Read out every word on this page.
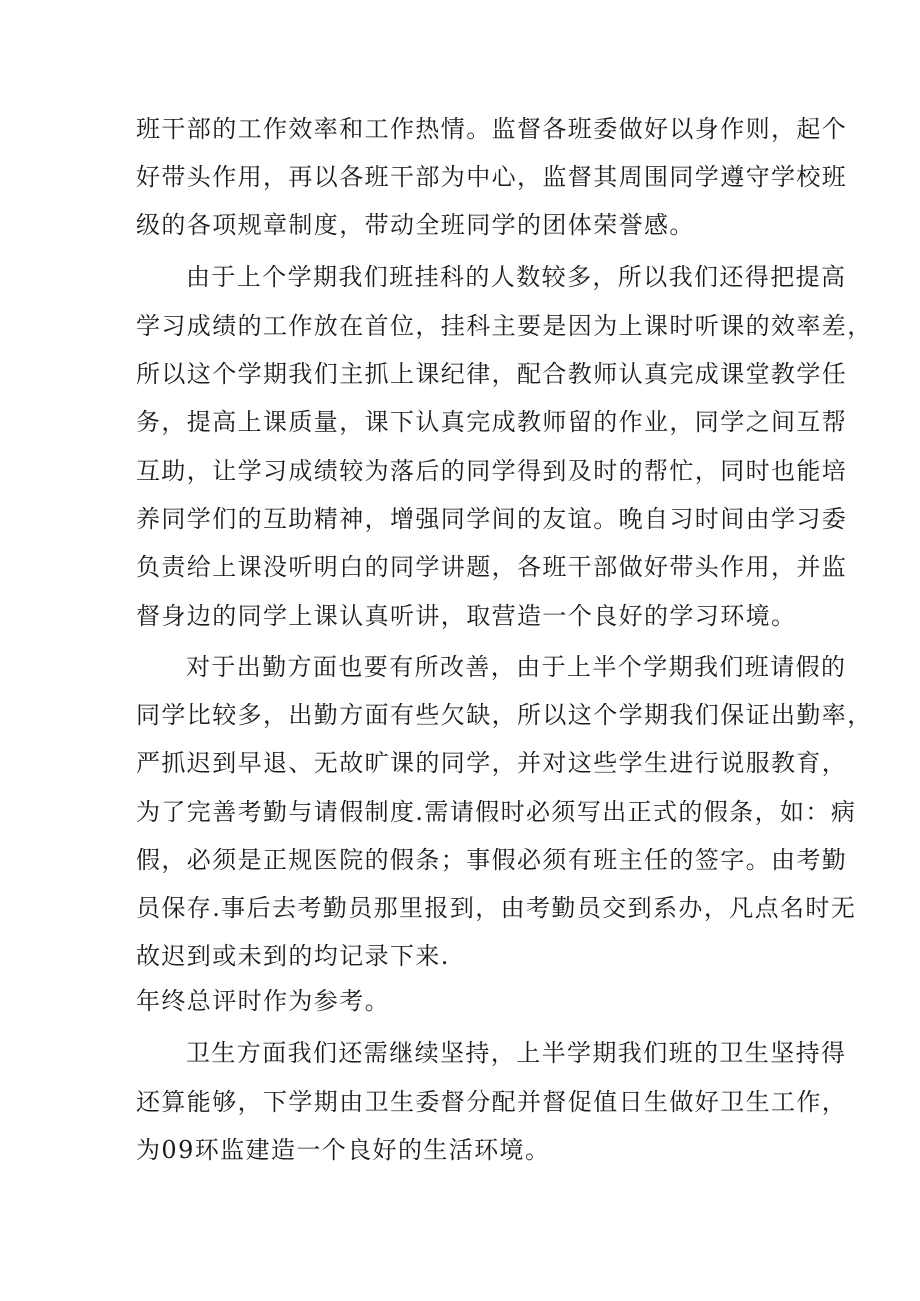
班干部的工作效率和工作热情。监督各班委做好以身作则，起个
好带头作用，再以各班干部为中心，监督其周围同学遵守学校班
级的各项规章制度，带动全班同学的团体荣誉感。
由于上个学期我们班挂科的人数较多，所以我们还得把提高
学习成绩的工作放在首位，挂科主要是因为上课时听课的效率差，
所以这个学期我们主抓上课纪律，配合教师认真完成课堂教学任
务，提高上课质量，课下认真完成教师留的作业，同学之间互帮
互助，让学习成绩较为落后的同学得到及时的帮忙，同时也能培
养同学们的互助精神，增强同学间的友谊。晚自习时间由学习委
负责给上课没听明白的同学讲题，各班干部做好带头作用，并监
督身边的同学上课认真听讲，取营造一个良好的学习环境。
对于出勤方面也要有所改善，由于上半个学期我们班请假的
同学比较多，出勤方面有些欠缺，所以这个学期我们保证出勤率，
严抓迟到早退、无故旷课的同学，并对这些学生进行说服教育，
为了完善考勤与请假制度.需请假时必须写出正式的假条，如：病
假，必须是正规医院的假条；事假必须有班主任的签字。由考勤
员保存.事后去考勤员那里报到，由考勤员交到系办，凡点名时无
故迟到或未到的均记录下来.
年终总评时作为参考。
卫生方面我们还需继续坚持，上半学期我们班的卫生坚持得
还算能够，下学期由卫生委督分配并督促值日生做好卫生工作，
为09环监建造一个良好的生活环境。
